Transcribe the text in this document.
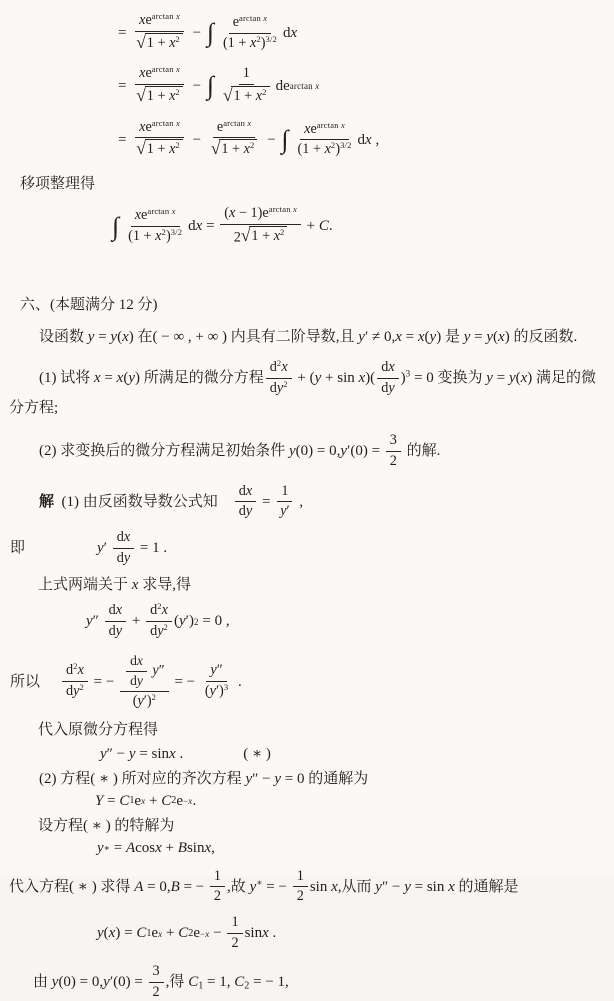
= $\frac{xe^{arctan x}}{√ 1 + x^2}$ − ∫ $\frac{e^{arctan x}}{(1 + x^2)^{3/2}}$ d x
= $\frac{xe^{arctan x}}{√ 1 + x^2}$ − ∫ $\frac{1}{√ 1 + x^2}$ d e arctan x
= $\frac{xe^{arctan x}}{√ 1 + x^2} - \frac{e^{arctan x}}{√ 1 + x^2}$ − ∫ $\frac{xe^{arctan x}}{(1 + x^2)^{3/2}}$ d x ,
移项整理得
∫ $\frac{xe^{arctan x}}{(1 + x^2)^{3/2}}$ d $x = \frac{(x - 1)e^{arctan x}}{2 √ 1 + x^2} + C$ .
六、(本题满分 12 分)
设函数 y = y(x) 在( − ∞ , + ∞ ) 内具有二阶导数,且 y′ ≠ 0,x = x(y) 是 y = y(x) 的反函数.
(1) 试将 x = x(y) 所满足的微分方程 $\frac{d^2x}{dy^2} + (y + \sin x)( \frac{dx}{dy} )^3 = 0$ 变换为 y = y(x) 满足的微分方程;
(2) 求变换后的微分方程满足初始条件 $y(0) = 0,y'(0) = \frac{3}{2}$ 的解.
解 (1) 由反函数导数公式知   $\frac{dx}{dy} = \frac{1}{y'}$ ,
即	y ′ $\frac{dx}{dy} = 1$ .
上式两端关于 x 求导,得
y ″ $\frac{dx}{dy} + \frac{d^2x}{dy^2}$ ( y ′) 2 = 0 ,
所以 $\frac{d^2x}{dy^2}$ = − $\frac{\frac{dx}{dy} y''}{(y')^2}$ = − $\frac{y''}{(y')^3}$ .
代入原微分方程得
y ″ − y = sin x .    ( ∗ )
(2) 方程( ∗ ) 所对应的齐次方程 y″ − y = 0 的通解为
Y = C 1 e x + C 2 e −x .
设方程( ∗ ) 的特解为
y ∗ = A cos x + B sin x ,
代入方程( ∗ ) 求得 A = 0,B = − $\frac{1}{2}$ ,故 y∗ = − $\frac{1}{2}$ sin x,从而 y″ − y = sin x 的通解是
y ( x ) = C 1 e x + C 2 $e -x - \frac{1}{2}$ sin x .
由 $y(0) = 0,y'(0) = \frac{3}{2}$ ,得 $C_1 = 1$, $C_2$ = − 1,
